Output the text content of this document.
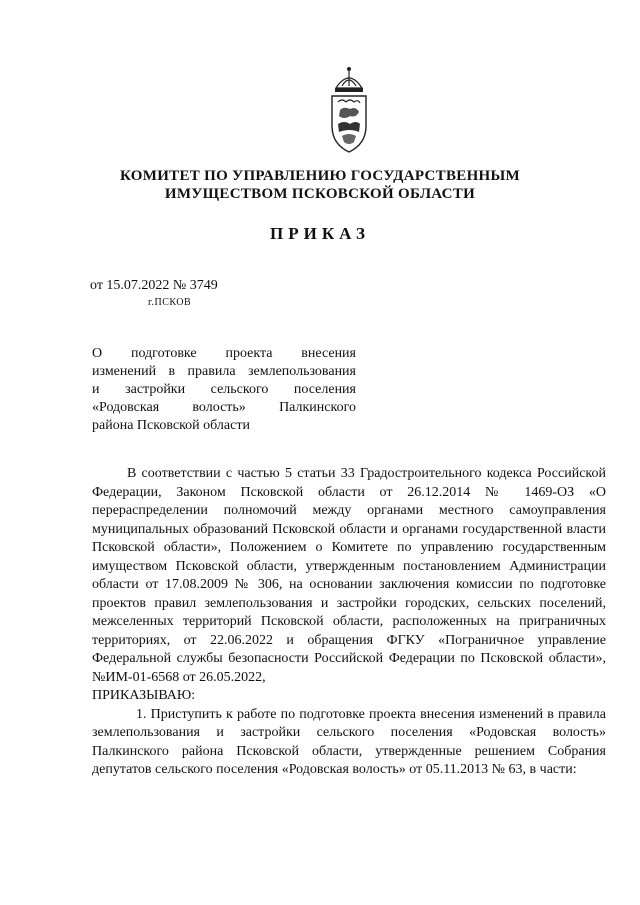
КОМИТЕТ ПО УПРАВЛЕНИЮ ГОСУДАРСТВЕННЫМ
ИМУЩЕСТВОМ ПСКОВСКОЙ ОБЛАСТИ
ПРИКАЗ
от 15.07.2022 № 3749
г.ПСКОВ
О подготовке проекта внесения
изменений в правила землепользования
и застройки сельского поселения
«Родовская волость» Палкинского
района Псковской области

В соответствии с частью 5 статьи 33 Градостроительного кодекса Российской Федерации, Законом Псковской области от 26.12.2014 № 1469-ОЗ «О перераспределении полномочий между органами местного самоуправления муниципальных образований Псковской области и органами государственной власти Псковской области», Положением о Комитете по управлению государственным имуществом Псковской области, утвержденным постановлением Администрации области от 17.08.2009 № 306, на основании заключения комиссии по подготовке проектов правил землепользования и застройки городских, сельских поселений, межселенных территорий Псковской области, расположенных на приграничных территориях, от 22.06.2022 и обращения ФГКУ «Пограничное управление Федеральной службы безопасности Российской Федерации по Псковской области», №ИМ-01-6568 от 26.05.2022,

ПРИКАЗЫВАЮ:

1. Приступить к работе по подготовке проекта внесения изменений в правила землепользования и застройки сельского поселения «Родовская волость» Палкинского района Псковской области, утвержденные решением Собрания депутатов сельского поселения «Родовская волость» от 05.11.2013 № 63, в части:
